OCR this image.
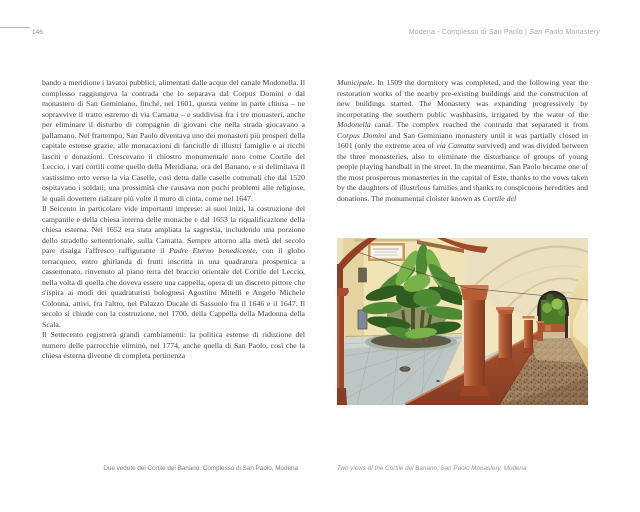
146	Modena - Complesso di San Paolo | San Paolo Monastery

bando a meridione i lavatoi pubblici, alimentati dalle acque del canale Modonella. Il complesso raggiungeva la contrada che lo separava dal Corpus Domini e dal monastero di San Geminiano, finché, nel 1601, questa venne in parte chiusa – ne sopravvive il tratto estremo di via Camatta – e suddivisa fra i tre monasteri, anche per eliminare il disturbo di compagnie di giovani che nella strada giocavano a pallamano. Nel frattempo, San Paolo diventava uno dei monasteri più prosperi della capitale estense grazie, alle monacazioni di fanciulle di illustri famiglie e ai ricchi lasciti e donazioni. Crescevano il chiostro monumentale noto come Cortile del Leccio, i vari cortili come quello della Meridiana, ora del Banano, e si delimitava il vastissimo orto verso la via Caselle, così detta dalle caselle comunali che dal 1520 ospitavano i soldati; una prossimità che causava non pochi problemi alle religiose, le quali dovettero rialzare più volte il muro di cinta, come nel 1647.

Il Seicento in particolare vide importanti imprese: ai suoi inizi, la costruzione del campanile e della chiesa interna delle monache e dal 1653 la riqualificazione della chiesa esterna. Nel 1652 era stata ampliata la sagrestia, includendo una porzione dello stradello settentrionale, sulla Camatta. Sempre attorno alla metà del secolo pare risalga l'affresco raffigurante il Padre Eterno benedicente, con il globo terracqueo, entro ghirlanda di frutti inscritta in una quadratura prospettica a cassettonato, rinvenuto al piano terra del braccio orientale del Cortile del Leccio, nella volta di quella che doveva essere una cappella, opera di un discreto pittore che s'ispira ai modi dei quadraturisti bolognesi Agostino Mitelli e Angelo Michele Colonna, attivi, fra l'altro, nel Palazzo Ducale di Sassuolo fra il 1646 e il 1647. Il secolo si chiude con la costruzione, nel 1700, della Cappella della Madonna della Scala.

Il Settecento registrerà grandi cambiamenti: la politica estense di riduzione del numero delle parrocchie eliminò, nel 1774, anche quella di San Paolo, così che la chiesa esterna divenne di completa pertinenza

Municipale. In 1509 the dormitory was completed, and the following year the restoration works of the nearby pre-existing buildings and the construction of new buildings started. The Monastery was expanding progressively by incorporating the southern public washbasins, irrigated by the water of the Modonella canal. The complex reached the contrada that separated it from Corpus Domini and San Geminiano monastery until it was partially closed in 1601 (only the extreme area of via Camatta survived) and was divided between the three monasteries, also to eliminate the disturbance of groups of young people playing handball in the street. In the meantime, San Paolo became one of the most prosperous monasteries in the capital of Este, thanks to the vows taken by the daughters of illustrious families and thanks to conspicuous heredities and donations. The monumental cloister known as Cortile del

Due vedute del Cortile del Banano, Complesso di San Paolo, Modena	Two views of the Cortile del Banano, San Paolo Monastery, Modena
